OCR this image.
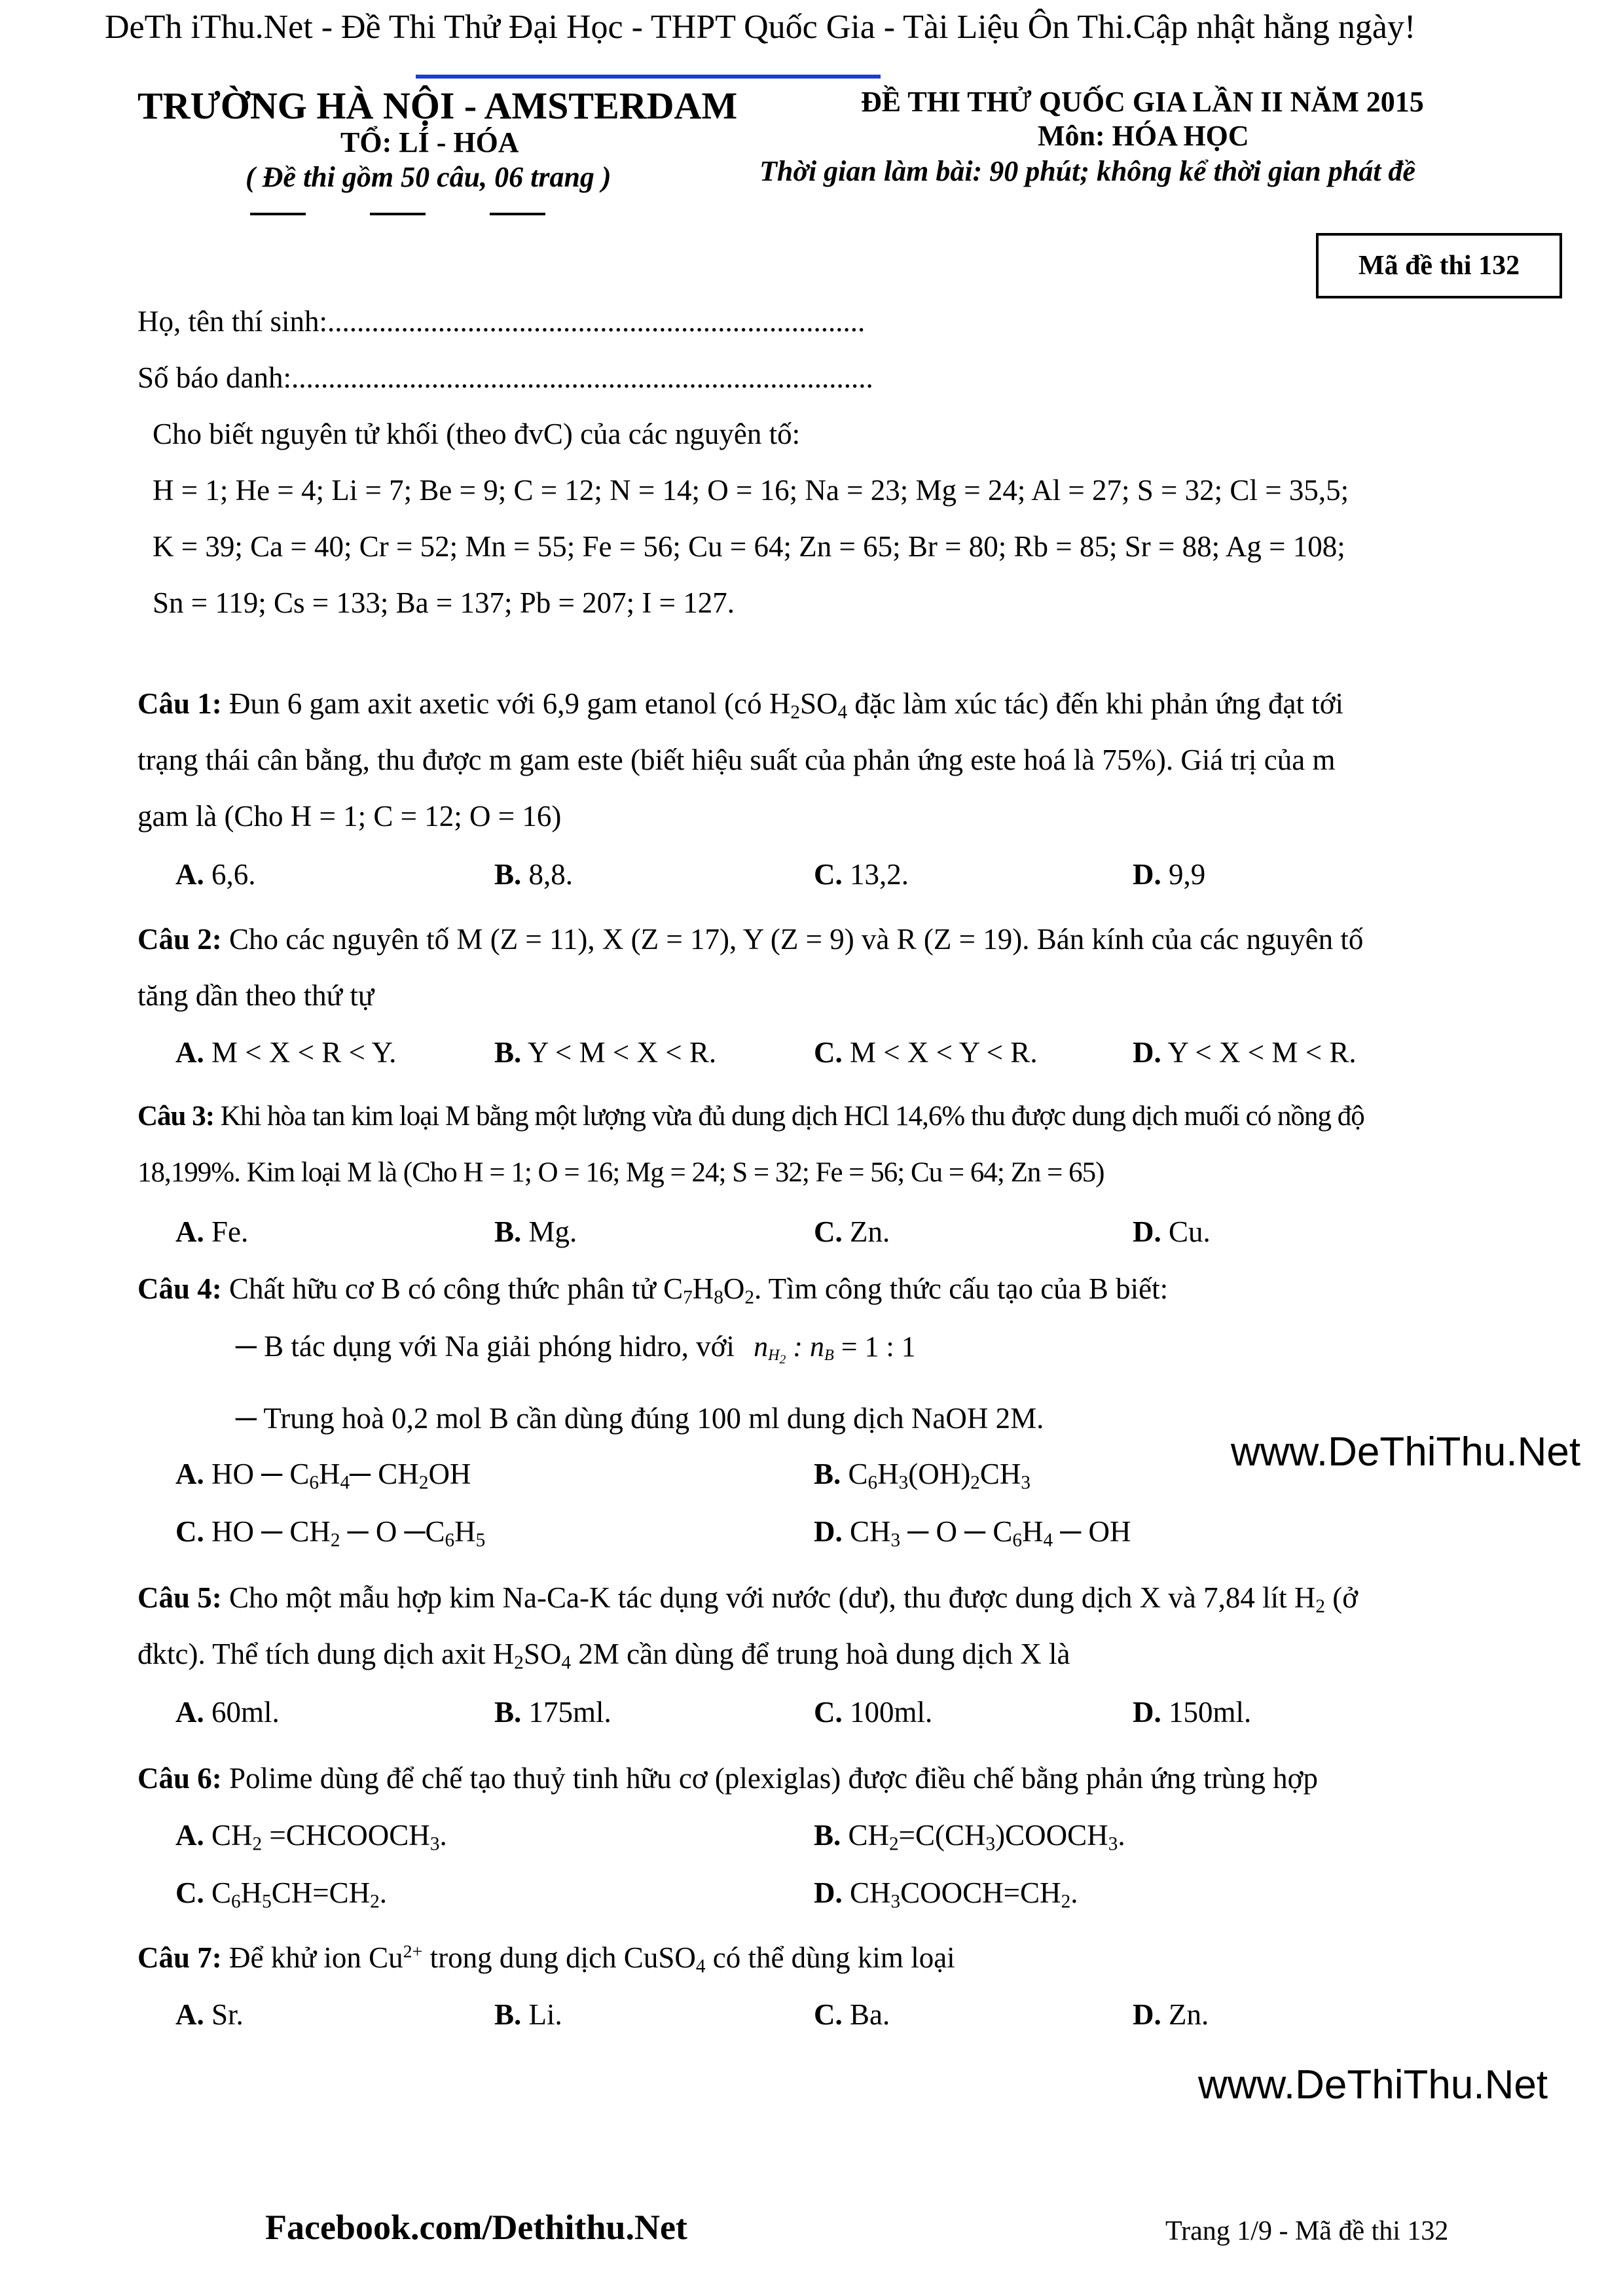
DeTh iThu.Net - Đề Thi Thử Đại Học - THPT Quốc Gia - Tài Liệu Ôn Thi.Cập nhật hằng ngày!
TRƯỜNG HÀ NỘI - AMSTERDAM
TỔ: LÍ - HÓA
( Đề thi gồm 50 câu, 06 trang )
ĐỀ THI THỬ QUỐC GIA LẦN II NĂM 2015
Môn: HÓA HỌC
Thời gian làm bài: 90 phút; không kể thời gian phát đề
Mã đề thi 132
Họ, tên thí sinh:.........................................................................
Số báo danh:...............................................................................
Cho biết nguyên tử khối (theo đvC) của các nguyên tố:
H = 1; He = 4; Li = 7; Be = 9; C = 12; N = 14; O = 16; Na = 23; Mg = 24; Al = 27; S = 32; Cl = 35,5;
K = 39; Ca = 40; Cr = 52; Mn = 55; Fe = 56; Cu = 64; Zn = 65; Br = 80; Rb = 85; Sr = 88; Ag = 108;
Sn = 119; Cs = 133; Ba = 137; Pb = 207; I = 127.
Câu 1: Đun 6 gam axit axetic với 6,9 gam etanol (có $H_2SO_4$ đặc làm xúc tác) đến khi phản ứng đạt tới
trạng thái cân bằng, thu được m gam este (biết hiệu suất của phản ứng este hoá là 75%). Giá trị của m
gam là (Cho H = 1; C = 12; O = 16)
A. 6,6.	B. 8,8.	C. 13,2.	D. 9,9
Câu 2: Cho các nguyên tố M (Z = 11), X (Z = 17), Y (Z = 9) và R (Z = 19). Bán kính của các nguyên tố
tăng dần theo thứ tự
A. M < X < R < Y.	B. Y < M < X < R.	C. M < X < Y < R.	D. Y < X < M < R.
Câu 3: Khi hòa tan kim loại M bằng một lượng vừa đủ dung dịch HCl 14,6% thu được dung dịch muối có nồng độ
18,199%. Kim loại M là (Cho H = 1; O = 16; Mg = 24; S = 32; Fe = 56; Cu = 64; Zn = 65)
A. Fe.	B. Mg.	C. Zn.	D. Cu.
Câu 4: Chất hữu cơ B có công thức phân tử $C_7H_8O_2$. Tìm công thức cấu tạo của B biết:
─ B tác dụng với Na giải phóng hidro, với $n_{H_2}$ : $n_B = 1$ : 1
─ Trung hoà 0,2 mol B cần dùng đúng 100 ml dung dịch NaOH 2M.
A. HO ─ $C_6H_4─$ $CH_2OH$	B. $C_6H_3(OH)_2CH_3$
www.DeThiThu.Net
C. HO ─ $CH_2$ ─ O $─C_6H_5$	D. $CH_3$ ─ O ─ $C_6H_4$ ─ OH
Câu 5: Cho một mẫu hợp kim Na-Ca-K tác dụng với nước (dư), thu được dung dịch X và 7,84 lít $H_2$ (ở
đktc). Thể tích dung dịch axit $H_2SO_4$ 2M cần dùng để trung hoà dung dịch X là
A. 60ml.	B. 175ml.	C. 100ml.	D. 150ml.
Câu 6: Polime dùng để chế tạo thuỷ tinh hữu cơ (plexiglas) được điều chế bằng phản ứng trùng hợp
A. $CH_2$ $=CHCOOCH_3$.	B. $CH_2=C(CH_3)COOCH_3$.
C. $C_6H_5CH=CH_2$.	D. $CH_3COOCH=CH_2$.
Câu 7: Để khử ion $Cu^{2+}$ trong dung dịch CuSO$_4$ có thể dùng kim loại
A. Sr.	B. Li.	C. Ba.	D. Zn.
www.DeThiThu.Net
Facebook.com/Dethithu.Net	Trang 1/9 - Mã đề thi 132
